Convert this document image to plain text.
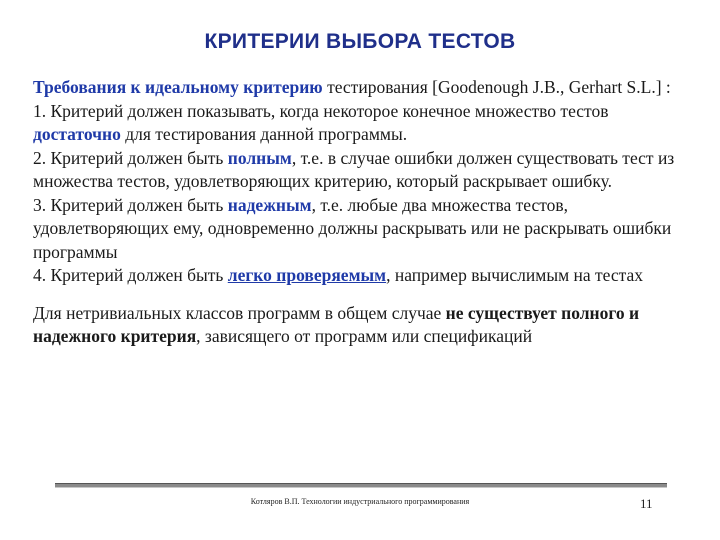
КРИТЕРИИ ВЫБОРА ТЕСТОВ

Требования к идеальному критерию тестирования [Goodenough J.B., Gerhart S.L.] :

1. Критерий должен показывать, когда некоторое конечное множество тестов достаточно для тестирования данной программы.

2. Критерий должен быть полным, т.е. в случае ошибки должен существовать тест из множества тестов, удовлетворяющих критерию, который раскрывает ошибку.

3. Критерий должен быть надежным, т.е. любые два множества тестов, удовлетворяющих ему, одновременно должны раскрывать или не раскрывать ошибки программы

4. Критерий должен быть легко проверяемым, например вычислимым на тестах

Для нетривиальных классов программ в общем случае не существует полного и надежного критерия, зависящего от программ или спецификаций

Котляров В.П. Технологии индустриального программирования	11
